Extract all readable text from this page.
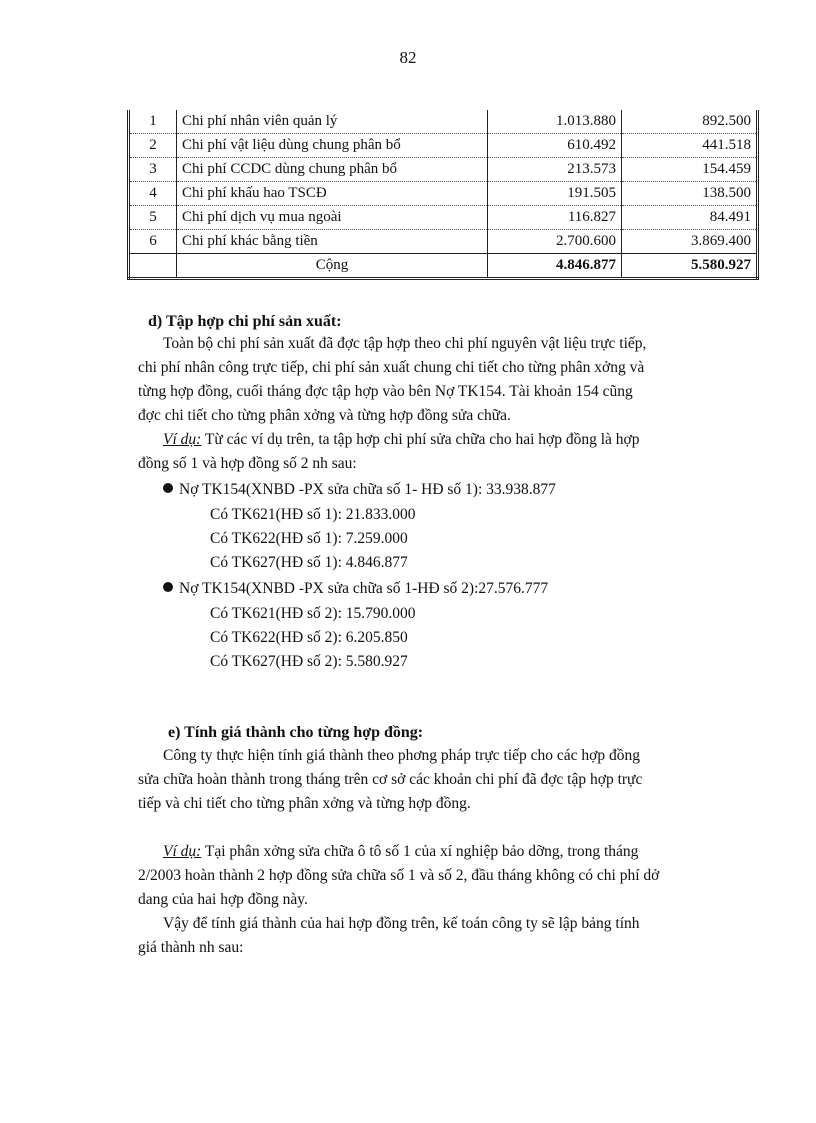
82
1	Chi phí nhân viên quản lý	1.013.880	892.500
2	Chi phí vật liệu dùng chung phân bổ	610.492	441.518
3	Chi phí CCDC dùng chung phân bổ	213.573	154.459
4	Chi phí khấu hao TSCĐ	191.505	138.500
5	Chi phí dịch vụ mua ngoài	116.827	84.491
6	Chi phí khác bằng tiền	2.700.600	3.869.400
	Cộng	4.846.877	5.580.927
d) Tập hợp chi phí sản xuất:
Toàn bộ chi phí sản xuất đã đợc tập hợp theo chi phí nguyên vật liệu trực tiếp,
chi phí nhân công trực tiếp, chi phí sản xuất chung chi tiết cho từng phân xởng và
từng hợp đồng, cuối tháng đợc tập hợp vào bên Nợ TK154. Tài khoản 154 cũng
đợc chi tiết cho từng phân xởng và từng hợp đồng sửa chữa.
Ví dụ: Từ các ví dụ trên, ta tập hợp chi phí sửa chữa cho hai hợp đồng là hợp
đồng số 1 và hợp đồng số 2 nh sau:
Nợ TK154(XNBD -PX sửa chữa số 1- HĐ số 1): 33.938.877
Có TK621(HĐ số 1): 21.833.000
Có TK622(HĐ số 1): 7.259.000
Có TK627(HĐ số 1): 4.846.877
Nợ TK154(XNBD -PX sửa chữa số 1-HĐ số 2):27.576.777
Có TK621(HĐ số 2): 15.790.000
Có TK622(HĐ số 2): 6.205.850
Có TK627(HĐ số 2): 5.580.927
e) Tính giá thành cho từng hợp đồng:
Công ty thực hiện tính giá thành theo phơng pháp trực tiếp cho các hợp đồng
sửa chữa hoàn thành trong tháng trên cơ sở các khoản chi phí đã đợc tập hợp trực
tiếp và chi tiết cho từng phân xởng và từng hợp đồng.
Ví dụ: Tại phân xởng sửa chữa ô tô số 1 của xí nghiệp bảo dỡng, trong tháng
2/2003 hoàn thành 2 hợp đồng sửa chữa số 1 và số 2, đầu tháng không có chi phí dở
dang của hai hợp đồng này.
Vậy để tính giá thành của hai hợp đồng trên, kế toán công ty sẽ lập bảng tính
giá thành nh sau:
